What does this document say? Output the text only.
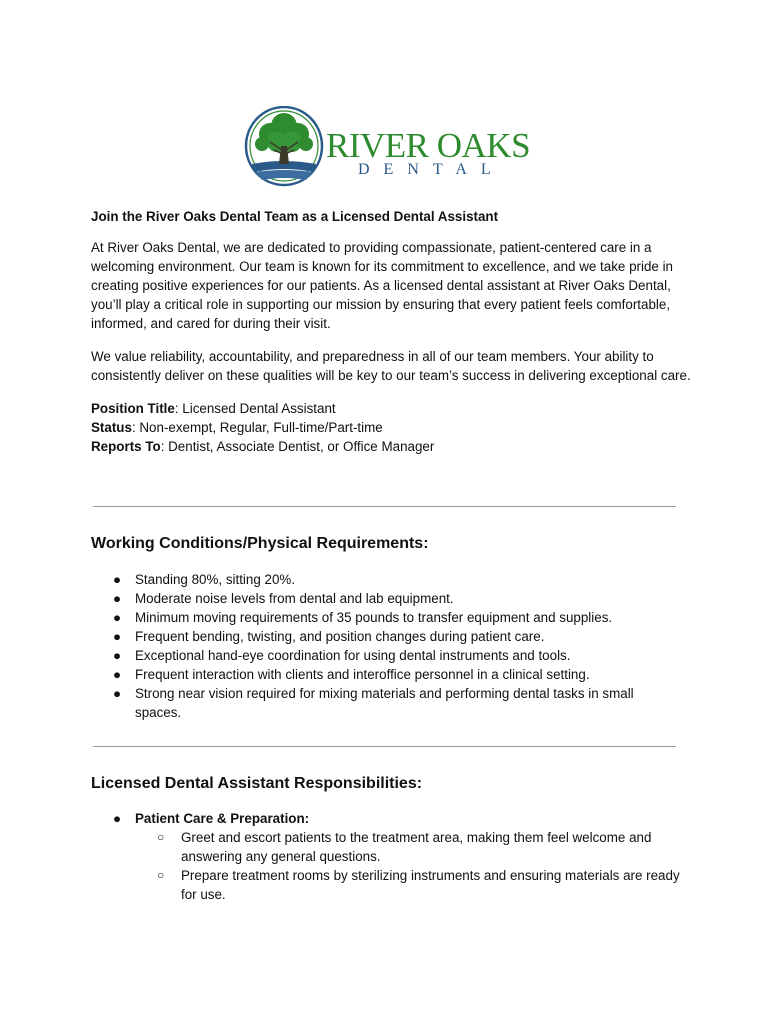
RIVER OAKS
DENTAL
Join the River Oaks Dental Team as a Licensed Dental Assistant

At River Oaks Dental, we are dedicated to providing compassionate, patient-centered care in a welcoming environment. Our team is known for its commitment to excellence, and we take pride in creating positive experiences for our patients. As a licensed dental assistant at River Oaks Dental, you’ll play a critical role in supporting our mission by ensuring that every patient feels comfortable, informed, and cared for during their visit.

We value reliability, accountability, and preparedness in all of our team members. Your ability to consistently deliver on these qualities will be key to our team’s success in delivering exceptional care.

Position Title: Licensed Dental Assistant
Status: Non-exempt, Regular, Full-time/Part-time
Reports To: Dentist, Associate Dentist, or Office Manager
Working Conditions/Physical Requirements:
● Standing 80%, sitting 20%.
● Moderate noise levels from dental and lab equipment.
● Minimum moving requirements of 35 pounds to transfer equipment and supplies.
● Frequent bending, twisting, and position changes during patient care.
● Exceptional hand-eye coordination for using dental instruments and tools.
● Frequent interaction with clients and interoffice personnel in a clinical setting.
● Strong near vision required for mixing materials and performing dental tasks in small spaces.
Licensed Dental Assistant Responsibilities:
● Patient Care & Preparation:
○ Greet and escort patients to the treatment area, making them feel welcome and answering any general questions.
○ Prepare treatment rooms by sterilizing instruments and ensuring materials are ready for use.
